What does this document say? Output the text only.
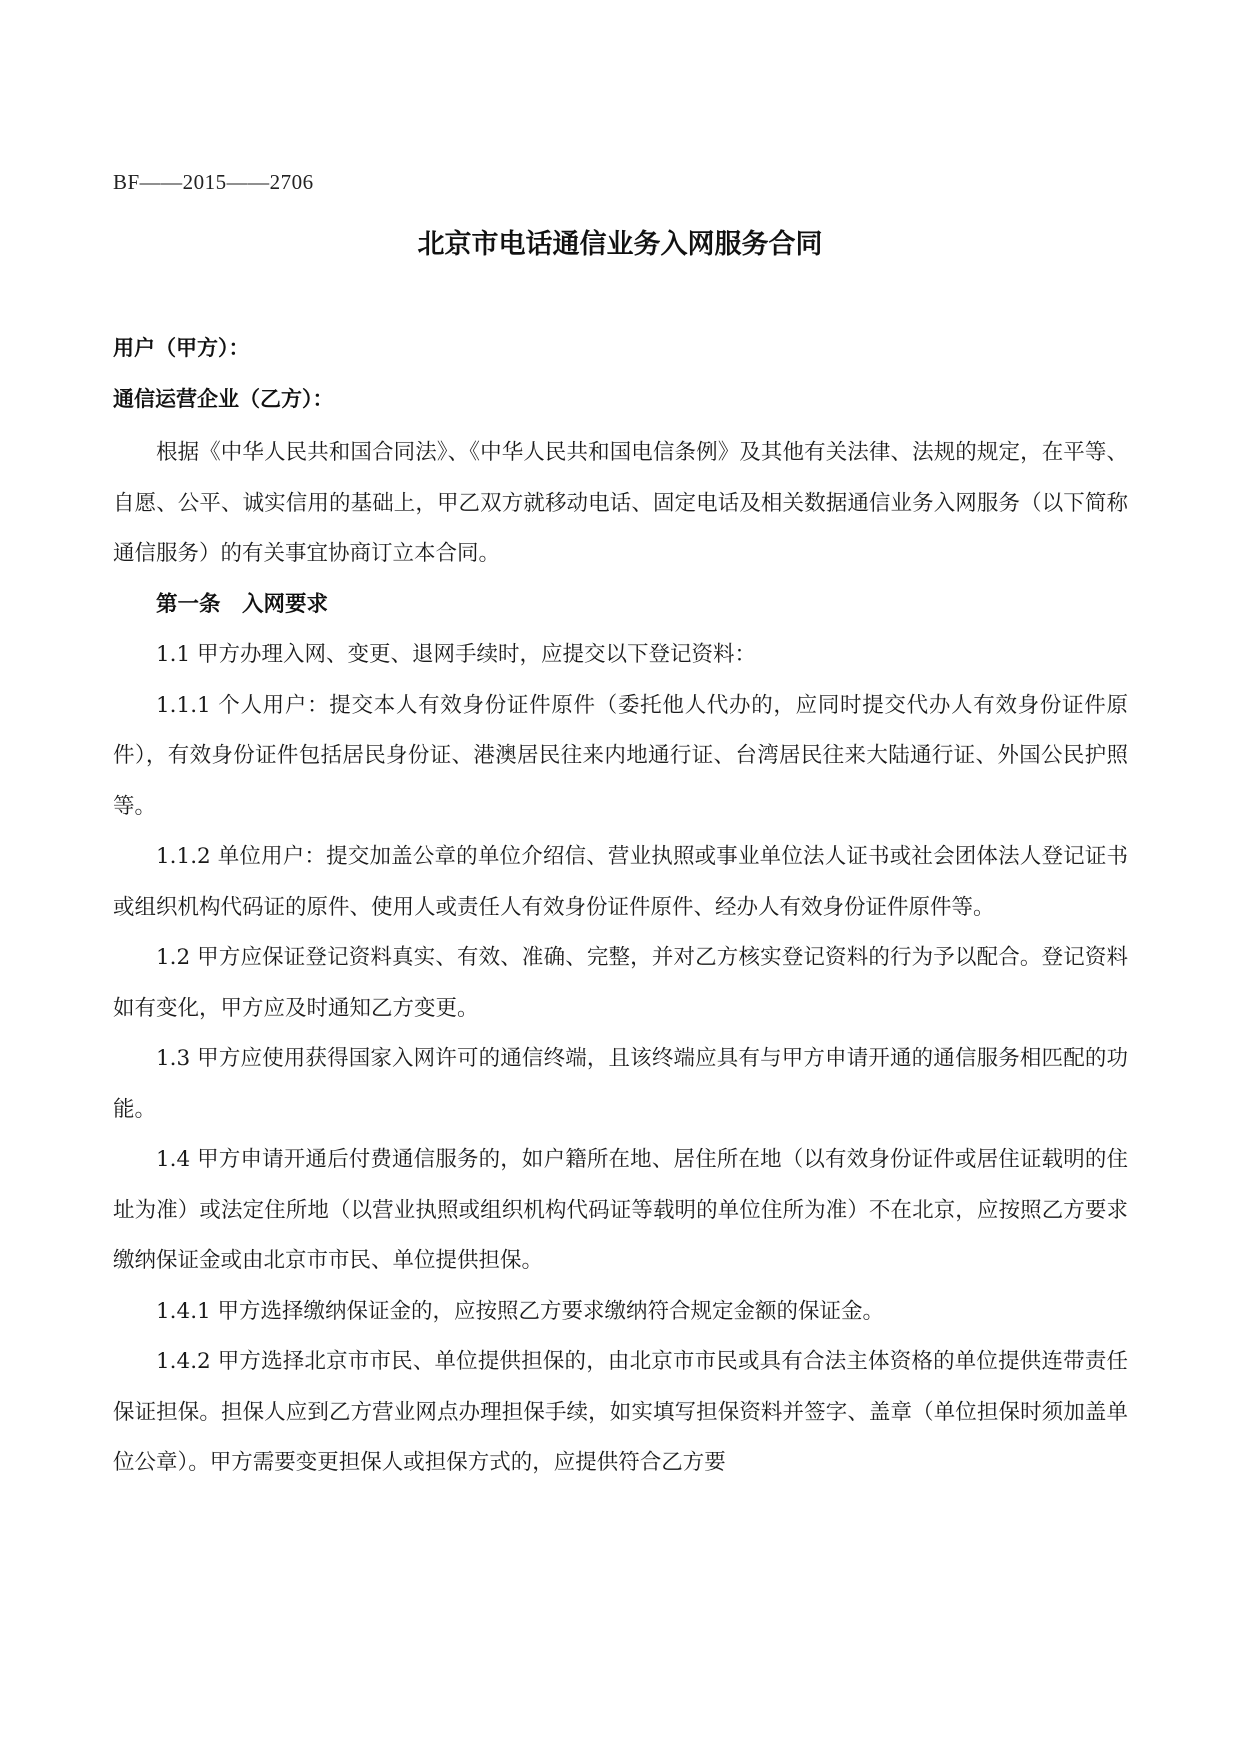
BF——2015——2706
北京市电话通信业务入网服务合同
用户（甲方）：
通信运营企业（乙方）：

根据《中华人民共和国合同法》、《中华人民共和国电信条例》及其他有关法律、法规的规定，在平等、自愿、公平、诚实信用的基础上，甲乙双方就移动电话、固定电话及相关数据通信业务入网服务（以下简称通信服务）的有关事宜协商订立本合同。

第一条　入网要求

1.1 甲方办理入网、变更、退网手续时，应提交以下登记资料：

1.1.1 个人用户：提交本人有效身份证件原件（委托他人代办的，应同时提交代办人有效身份证件原件），有效身份证件包括居民身份证、港澳居民往来内地通行证、台湾居民往来大陆通行证、外国公民护照等。

1.1.2 单位用户：提交加盖公章的单位介绍信、营业执照或事业单位法人证书或社会团体法人登记证书或组织机构代码证的原件、使用人或责任人有效身份证件原件、经办人有效身份证件原件等。

1.2 甲方应保证登记资料真实、有效、准确、完整，并对乙方核实登记资料的行为予以配合。登记资料如有变化，甲方应及时通知乙方变更。

1.3 甲方应使用获得国家入网许可的通信终端，且该终端应具有与甲方申请开通的通信服务相匹配的功能。

1.4 甲方申请开通后付费通信服务的，如户籍所在地、居住所在地（以有效身份证件或居住证载明的住址为准）或法定住所地（以营业执照或组织机构代码证等载明的单位住所为准）不在北京，应按照乙方要求缴纳保证金或由北京市市民、单位提供担保。

1.4.1 甲方选择缴纳保证金的，应按照乙方要求缴纳符合规定金额的保证金。

1.4.2 甲方选择北京市市民、单位提供担保的，由北京市市民或具有合法主体资格的单位提供连带责任保证担保。担保人应到乙方营业网点办理担保手续，如实填写担保资料并签字、盖章（单位担保时须加盖单位公章）。甲方需要变更担保人或担保方式的，应提供符合乙方要
